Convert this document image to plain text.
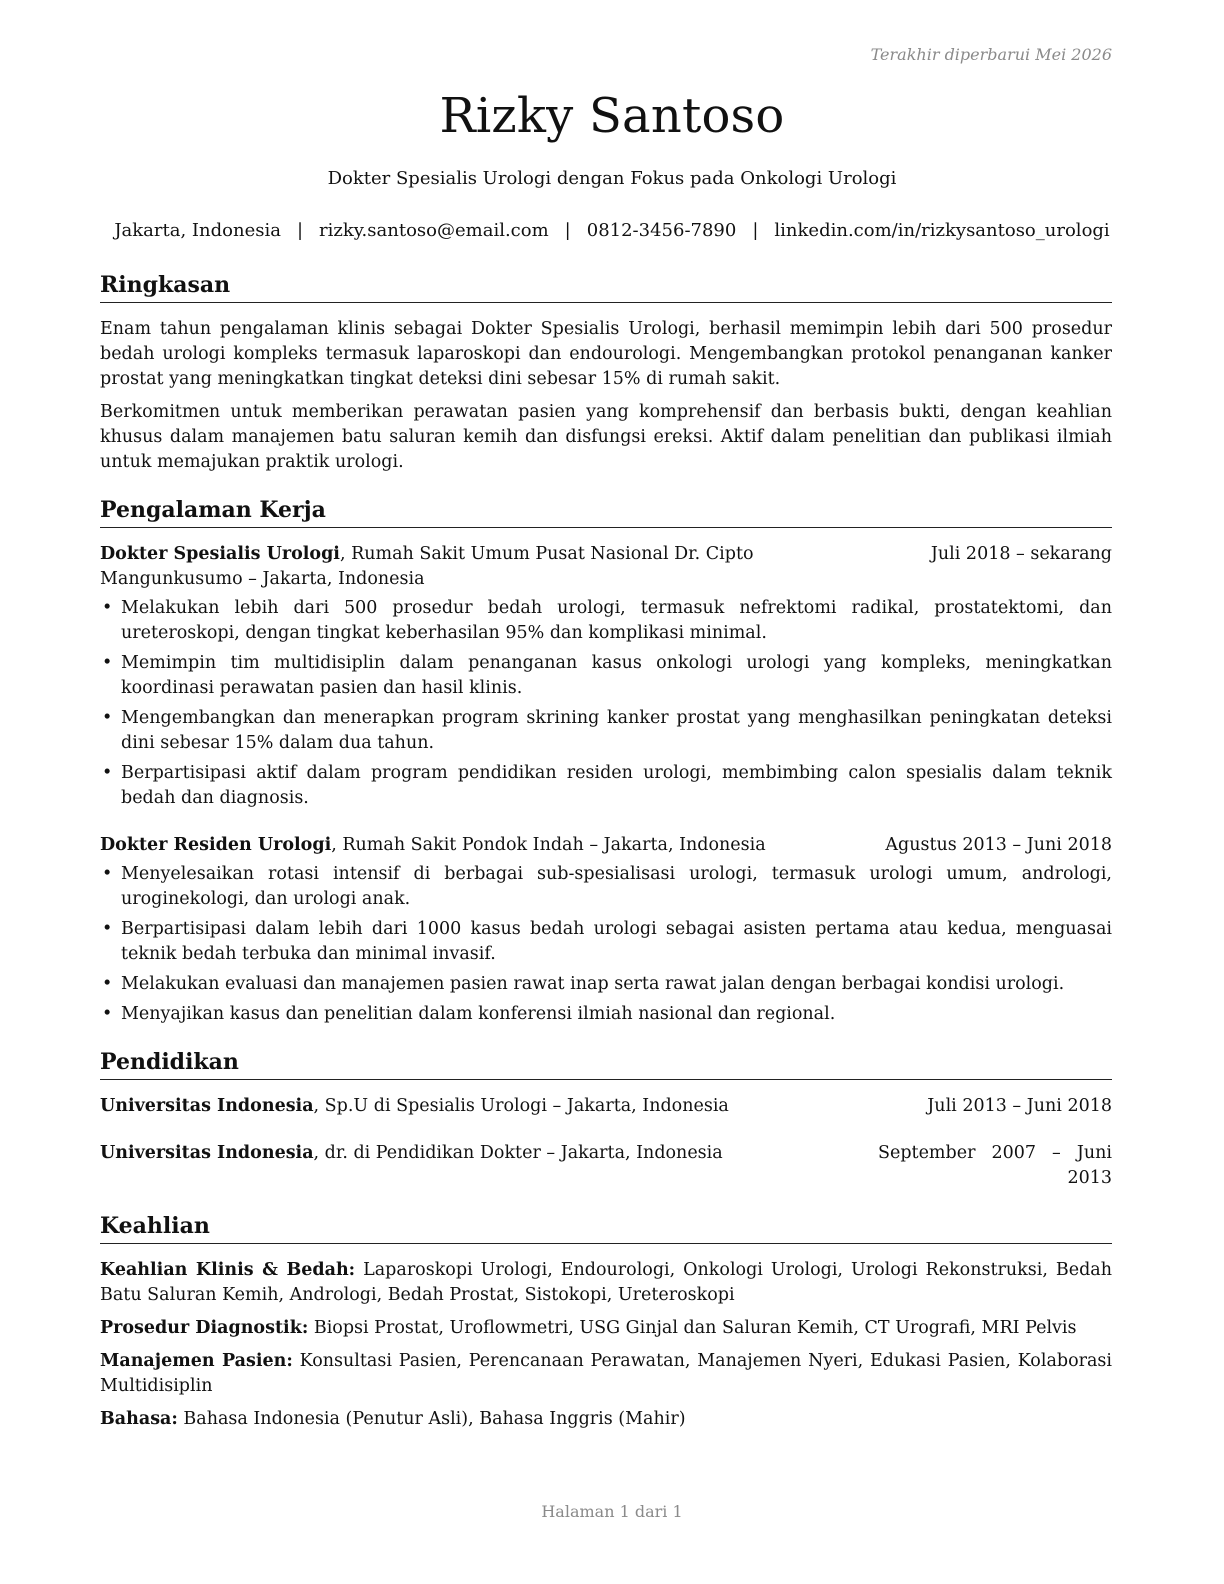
Terakhir diperbarui Mei 2026
Rizky Santoso
Dokter Spesialis Urologi dengan Fokus pada Onkologi Urologi
Jakarta, Indonesia | rizky.santoso@email.com | 0812-3456-7890 | linkedin.com/in/rizkysantoso_urologi
Ringkasan

Enam tahun pengalaman klinis sebagai Dokter Spesialis Urologi, berhasil memimpin lebih dari 500 prosedur bedah urologi kompleks termasuk laparoskopi dan endourologi. Mengembangkan protokol penanganan kanker prostat yang meningkatkan tingkat deteksi dini sebesar 15% di rumah sakit.

Berkomitmen untuk memberikan perawatan pasien yang komprehensif dan berbasis bukti, dengan keahlian khusus dalam manajemen batu saluran kemih dan disfungsi ereksi. Aktif dalam penelitian dan publikasi ilmiah untuk memajukan praktik urologi.

Pengalaman Kerja
Dokter Spesialis Urologi, Rumah Sakit Umum Pusat Nasional Dr. Cipto Mangunkusumo – Jakarta, Indonesia
Juli 2018 – sekarang
• Melakukan lebih dari 500 prosedur bedah urologi, termasuk nefrektomi radikal, prostatektomi, dan ureteroskopi, dengan tingkat keberhasilan 95% dan komplikasi minimal.
• Memimpin tim multidisiplin dalam penanganan kasus onkologi urologi yang kompleks, meningkatkan koordinasi perawatan pasien dan hasil klinis.
• Mengembangkan dan menerapkan program skrining kanker prostat yang menghasilkan peningkatan deteksi dini sebesar 15% dalam dua tahun.
• Berpartisipasi aktif dalam program pendidikan residen urologi, membimbing calon spesialis dalam teknik bedah dan diagnosis.
Dokter Residen Urologi, Rumah Sakit Pondok Indah – Jakarta, Indonesia	Agustus 2013 – Juni 2018
• Menyelesaikan rotasi intensif di berbagai sub-spesialisasi urologi, termasuk urologi umum, andrologi, uroginekologi, dan urologi anak.
• Berpartisipasi dalam lebih dari 1000 kasus bedah urologi sebagai asisten pertama atau kedua, menguasai teknik bedah terbuka dan minimal invasif.
• Melakukan evaluasi dan manajemen pasien rawat inap serta rawat jalan dengan berbagai kondisi urologi.
• Menyajikan kasus dan penelitian dalam konferensi ilmiah nasional dan regional.
Pendidikan
Universitas Indonesia, Sp.U di Spesialis Urologi – Jakarta, Indonesia	Juli 2013 – Juni 2018
Universitas Indonesia, dr. di Pendidikan Dokter – Jakarta, Indonesia	September 2007 – Juni 2013
Keahlian
Keahlian Klinis & Bedah: Laparoskopi Urologi, Endourologi, Onkologi Urologi, Urologi Rekonstruksi, Bedah Batu Saluran Kemih, Andrologi, Bedah Prostat, Sistokopi, Ureteroskopi
Prosedur Diagnostik: Biopsi Prostat, Uroflowmetri, USG Ginjal dan Saluran Kemih, CT Urografi, MRI Pelvis
Manajemen Pasien: Konsultasi Pasien, Perencanaan Perawatan, Manajemen Nyeri, Edukasi Pasien, Kolaborasi Multidisiplin
Bahasa: Bahasa Indonesia (Penutur Asli), Bahasa Inggris (Mahir)
Halaman 1 dari 1
